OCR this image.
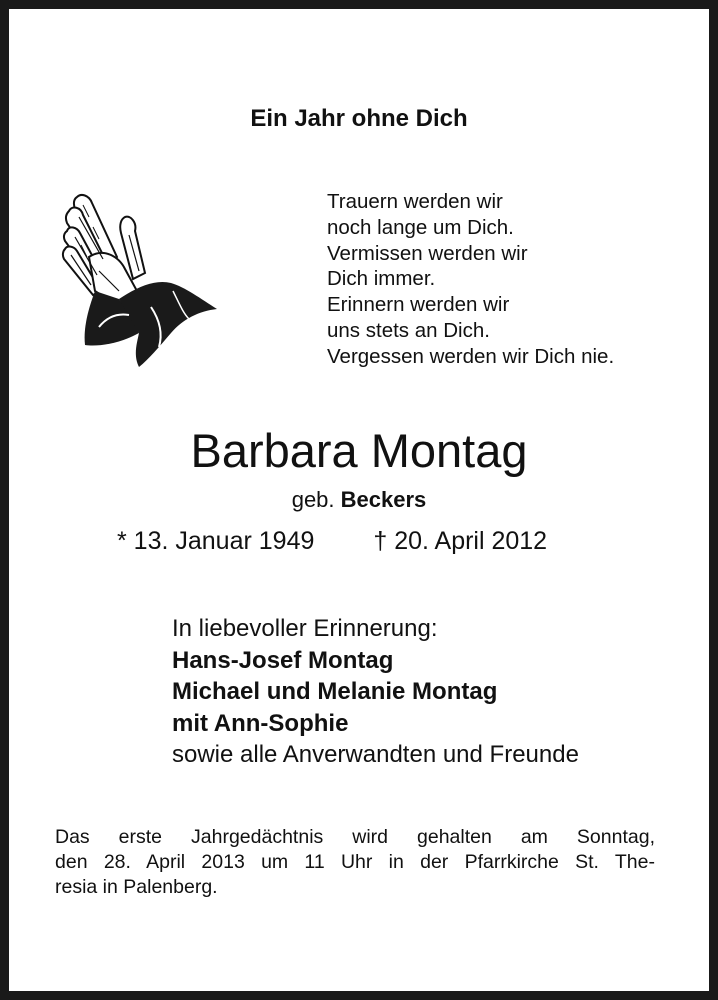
Ein Jahr ohne Dich
Trauern werden wir
noch lange um Dich.
Vermissen werden wir
Dich immer.
Erinnern werden wir
uns stets an Dich.
Vergessen werden wir Dich nie.
Barbara Montag
geb. Beckers
* 13. Januar 1949 † 20. April 2012
In liebevoller Erinnerung:
Hans-Josef Montag
Michael und Melanie Montag
mit Ann-Sophie
sowie alle Anverwandten und Freunde
Das erste Jahrgedächtnis wird gehalten am Sonntag,
den 28. April 2013 um 11 Uhr in der Pfarrkirche St. The-
resia in Palenberg.
